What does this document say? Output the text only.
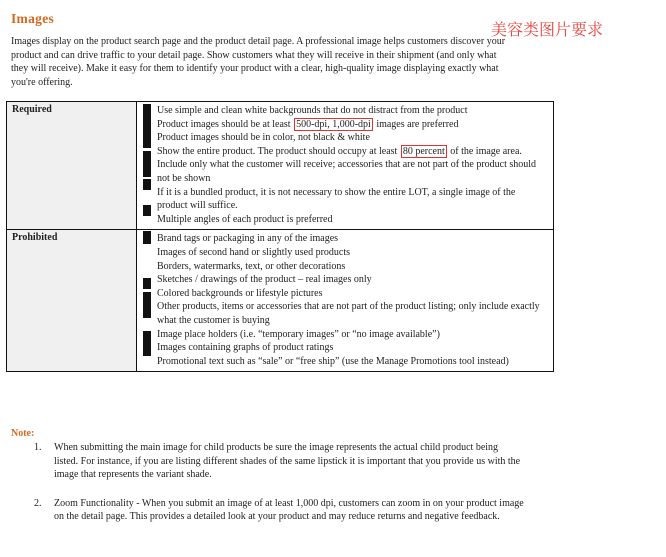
Images
美容类图片要求

Images display on the product search page and the product detail page. A professional image helps customers discover your product and can drive traffic to your detail page. Show customers what they will receive in their shipment (and only what they will receive). Make it easy for them to identify your product with a clear, high-quality image displaying exactly what you're offering.

Required	Use simple and clean white backgrounds that do not distract from the product
Product images should be at least 500-dpi, 1,000-dpi images are preferred
Product images should be in color, not black & white
Show the entire product. The product should occupy at least 80 percent of the image area.
Include only what the customer will receive; accessories that are not part of the product should not be shown
If it is a bundled product, it is not necessary to show the entire LOT, a single image of the product will suffice.
Multiple angles of each product is preferred
Prohibited	Brand tags or packaging in any of the images
Images of second hand or slightly used products
Borders, watermarks, text, or other decorations
Sketches / drawings of the product – real images only
Colored backgrounds or lifestyle pictures
Other products, items or accessories that are not part of the product listing; only include exactly what the customer is buying
Image place holders (i.e. “temporary images” or “no image available”)
Images containing graphs of product ratings
Promotional text such as “sale” or “free ship” (use the Manage Promotions tool instead)
Note:
1. When submitting the main image for child products be sure the image represents the actual child product being listed. For instance, if you are listing different shades of the same lipstick it is important that you provide us with the image that represents the variant shade.
2. Zoom Functionality - When you submit an image of at least 1,000 dpi, customers can zoom in on your product image on the detail page. This provides a detailed look at your product and may reduce returns and negative feedback.
